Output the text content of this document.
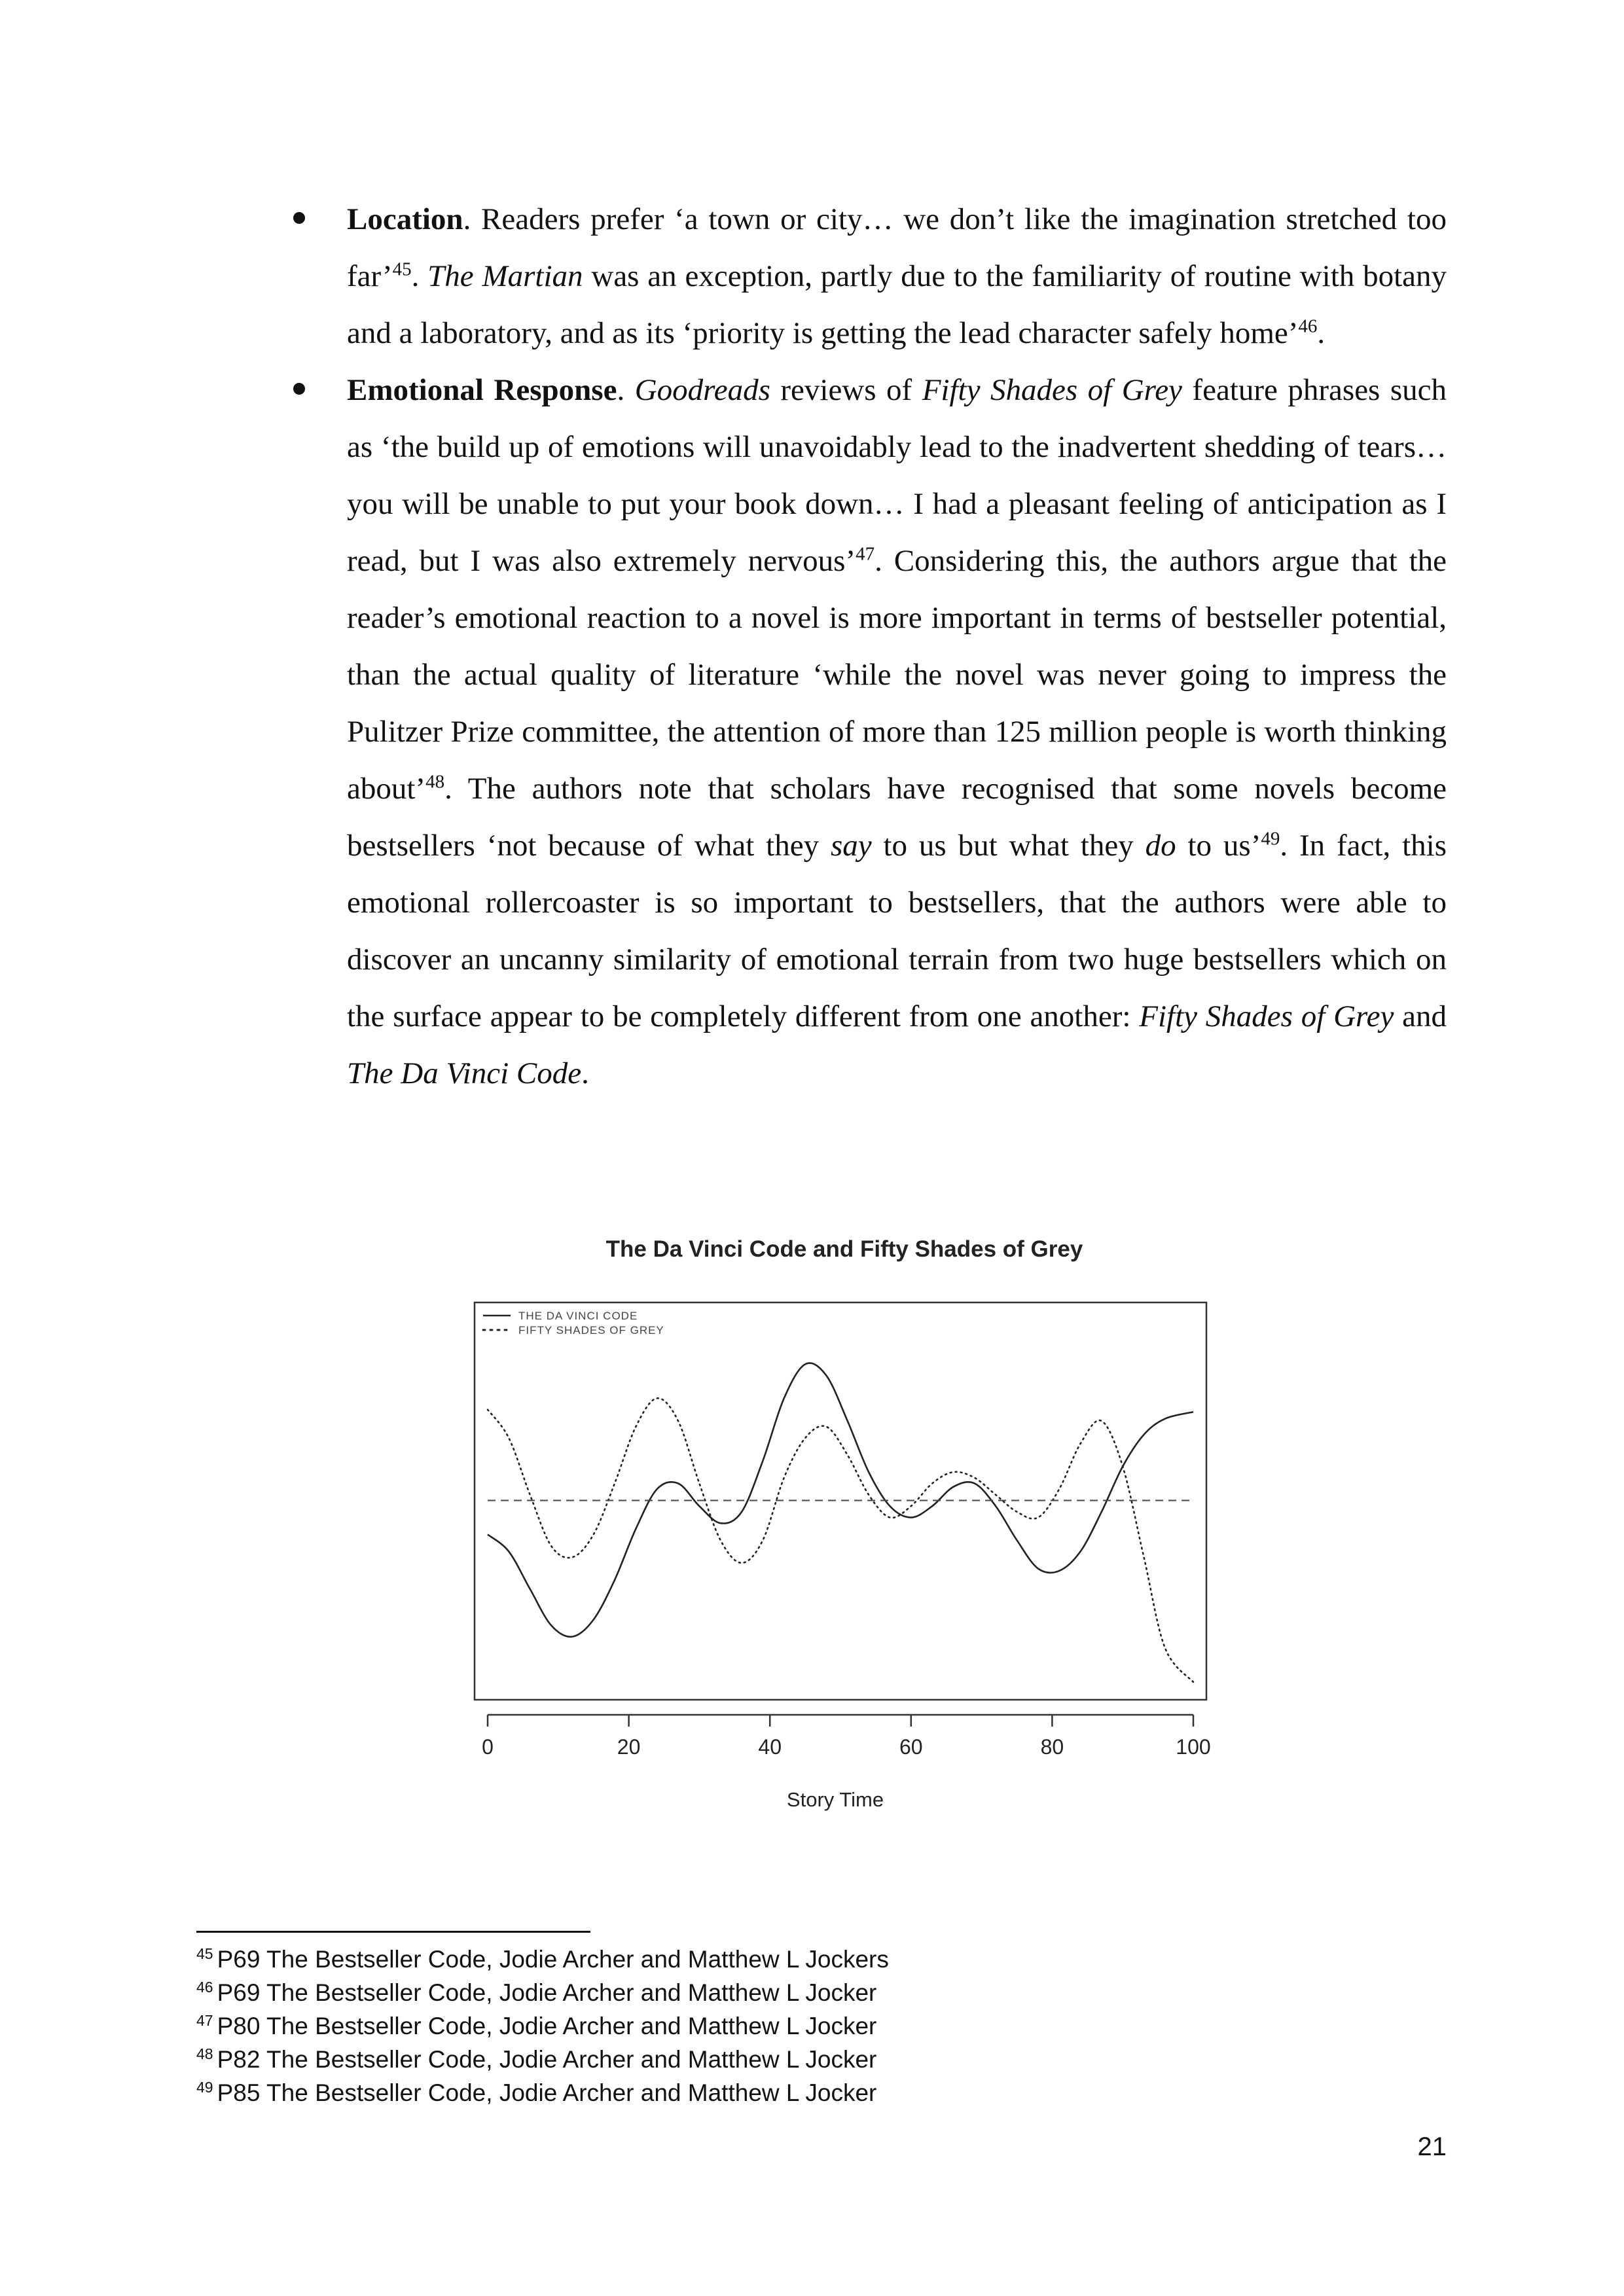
Location. Readers prefer ‘a town or city… we don’t like the imagination stretched too far’$^{45}$. The Martian was an exception, partly due to the familiarity of routine with botany and a laboratory, and as its ‘priority is getting the lead character safely home’$^{46}$.
Emotional Response. Goodreads reviews of Fifty Shades of Grey feature phrases such as ‘the build up of emotions will unavoidably lead to the inadvertent shedding of tears… you will be unable to put your book down… I had a pleasant feeling of anticipation as I read, but I was also extremely nervous’$^{47}$. Considering this, the authors argue that the reader’s emotional reaction to a novel is more important in terms of bestseller potential, than the actual quality of literature ‘while the novel was never going to impress the Pulitzer Prize committee, the attention of more than 125 million people is worth thinking about’$^{48}$. The authors note that scholars have recognised that some novels become bestsellers ‘not because of what they say to us but what they do to us’$^{49}$. In fact, this emotional rollercoaster is so important to bestsellers, that the authors were able to discover an uncanny similarity of emotional terrain from two huge bestsellers which on the surface appear to be completely different from one another: Fifty Shades of Grey and The Da Vinci Code.
The Da Vinci Code and Fifty Shades of Grey
THE DA VINCI CODE
FIFTY SHADES OF GREY
0	20	40	60	80	100
Story Time
$^{45}$ P69 The Bestseller Code, Jodie Archer and Matthew L Jockers
$^{46}$ P69 The Bestseller Code, Jodie Archer and Matthew L Jocker
$^{47}$ P80 The Bestseller Code, Jodie Archer and Matthew L Jocker
$^{48}$ P82 The Bestseller Code, Jodie Archer and Matthew L Jocker
$^{49}$ P85 The Bestseller Code, Jodie Archer and Matthew L Jocker
21
